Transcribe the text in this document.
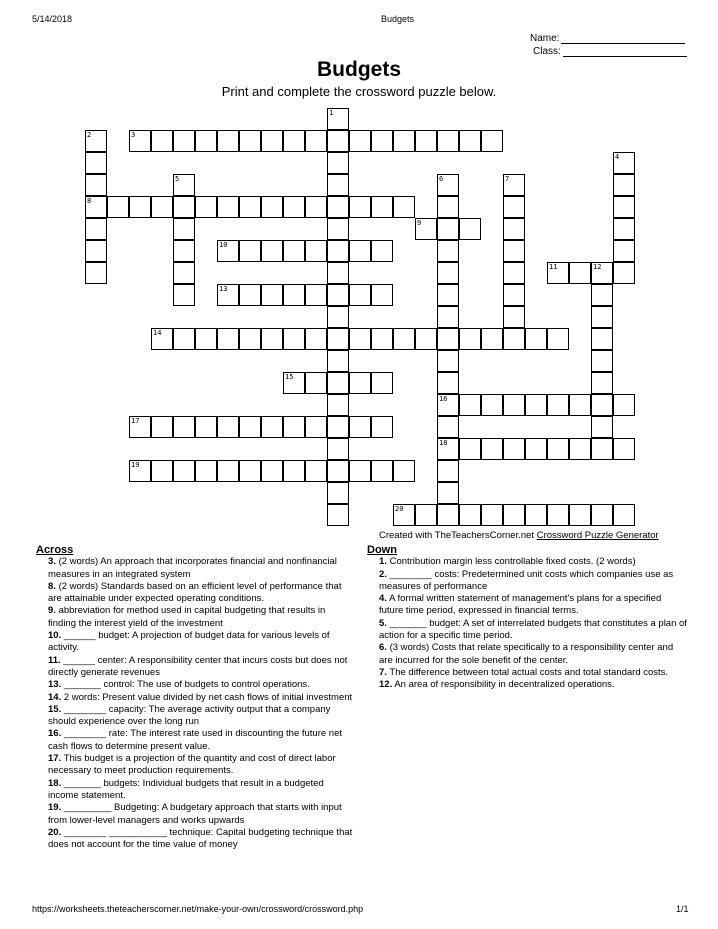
5/14/2018	Budgets
Name:
Class:
Budgets
Print and complete the crossword puzzle below.
1
2	3
4
5	6	7
8
9
10
11	12
13
14
15
16
17
18
19
20
Created with TheTeachersCorner.net Crossword Puzzle Generator
Across

3. (2 words) An approach that incorporates financial and nonfinancial measures in an integrated system

8. (2 words) Standards based on an efficient level of performance that are attainable under expected operating conditions.

9. abbreviation for method used in capital budgeting that results in finding the interest yield of the investment

10. ______ budget: A projection of budget data for various levels of activity.

11. ______ center: A responsibility center that incurs costs but does not directly generate revenues

13. _______ control: The use of budgets to control operations.

14. 2 words: Present value divided by net cash flows of initial investment

15. ________ capacity: The average activity output that a company should experience over the long run

16. ________ rate: The interest rate used in discounting the future net cash flows to determine present value.

17. This budget is a projection of the quantity and cost of direct labor necessary to meet production requirements.

18. _______ budgets: Individual budgets that result in a budgeted income statement.

19. _________ Budgeting: A budgetary approach that starts with input from lower-level managers and works upwards

20. ________ ___________ technique: Capital budgeting technique that does not account for the time value of money

Down

1. Contribution margin less controllable fixed costs. (2 words)

2. ________ costs: Predetermined unit costs which companies use as measures of performance

4. A formal written statement of management's plans for a specified future time period, expressed in financial terms.

5. _______ budget: A set of interrelated budgets that constitutes a plan of action for a specific time period.

6. (3 words) Costs that relate specifically to a responsibility center and are incurred for the sole benefit of the center.

7. The difference between total actual costs and total standard costs.

12. An area of responsibility in decentralized operations.

https://worksheets.theteacherscorner.net/make-your-own/crossword/crossword.php	1/1
